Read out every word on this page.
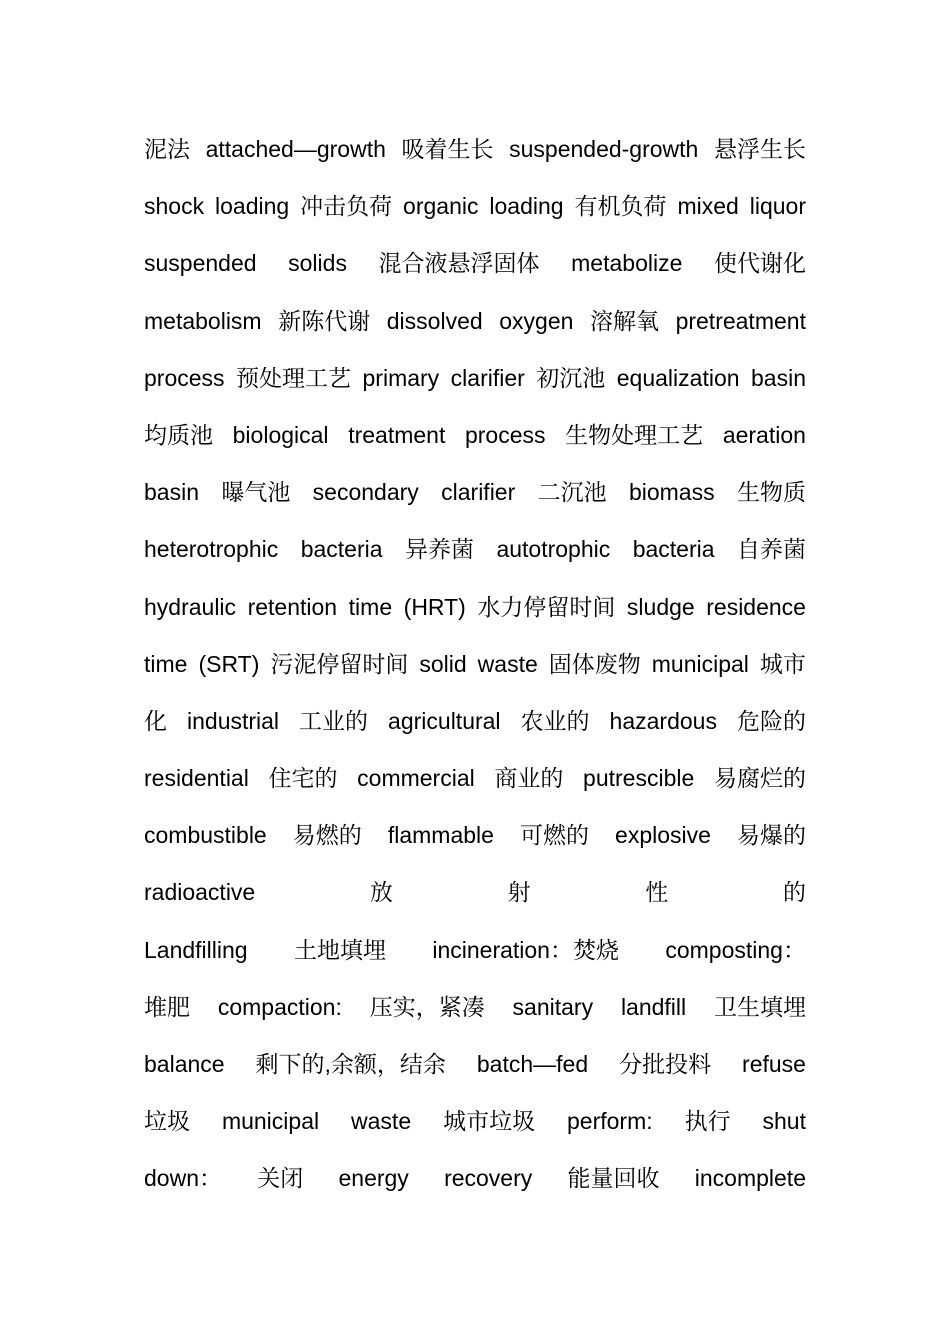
泥法 attached—growth 吸着生长 suspended-growth 悬浮生长
shock loading 冲击负荷 organic loading 有机负荷 mixed liquor
suspended solids 混合液悬浮固体 metabolize 使代谢化
metabolism 新陈代谢 dissolved oxygen 溶解氧 pretreatment
process 预处理工艺 primary clarifier 初沉池 equalization basin
均质池 biological treatment process 生物处理工艺 aeration
basin 曝气池 secondary clarifier 二沉池 biomass 生物质
heterotrophic bacteria 异养菌 autotrophic bacteria 自养菌
hydraulic retention time (HRT) 水力停留时间 sludge residence
time (SRT) 污泥停留时间 solid waste 固体废物 municipal 城市
化 industrial 工业的 agricultural 农业的 hazardous 危险的
residential 住宅的 commercial 商业的 putrescible 易腐烂的
combustible 易燃的 flammable 可燃的 explosive 易爆的
radioactive	放	射	性	的
Landfilling 土地填埋 incineration：焚烧 composting：
堆肥 compaction: 压实，紧凑 sanitary landfill 卫生填埋
balance 剩下的,余额，结余 batch—fed 分批投料 refuse
垃圾 municipal waste 城市垃圾 perform: 执行 shut
down： 关闭 energy recovery 能量回收 incomplete
